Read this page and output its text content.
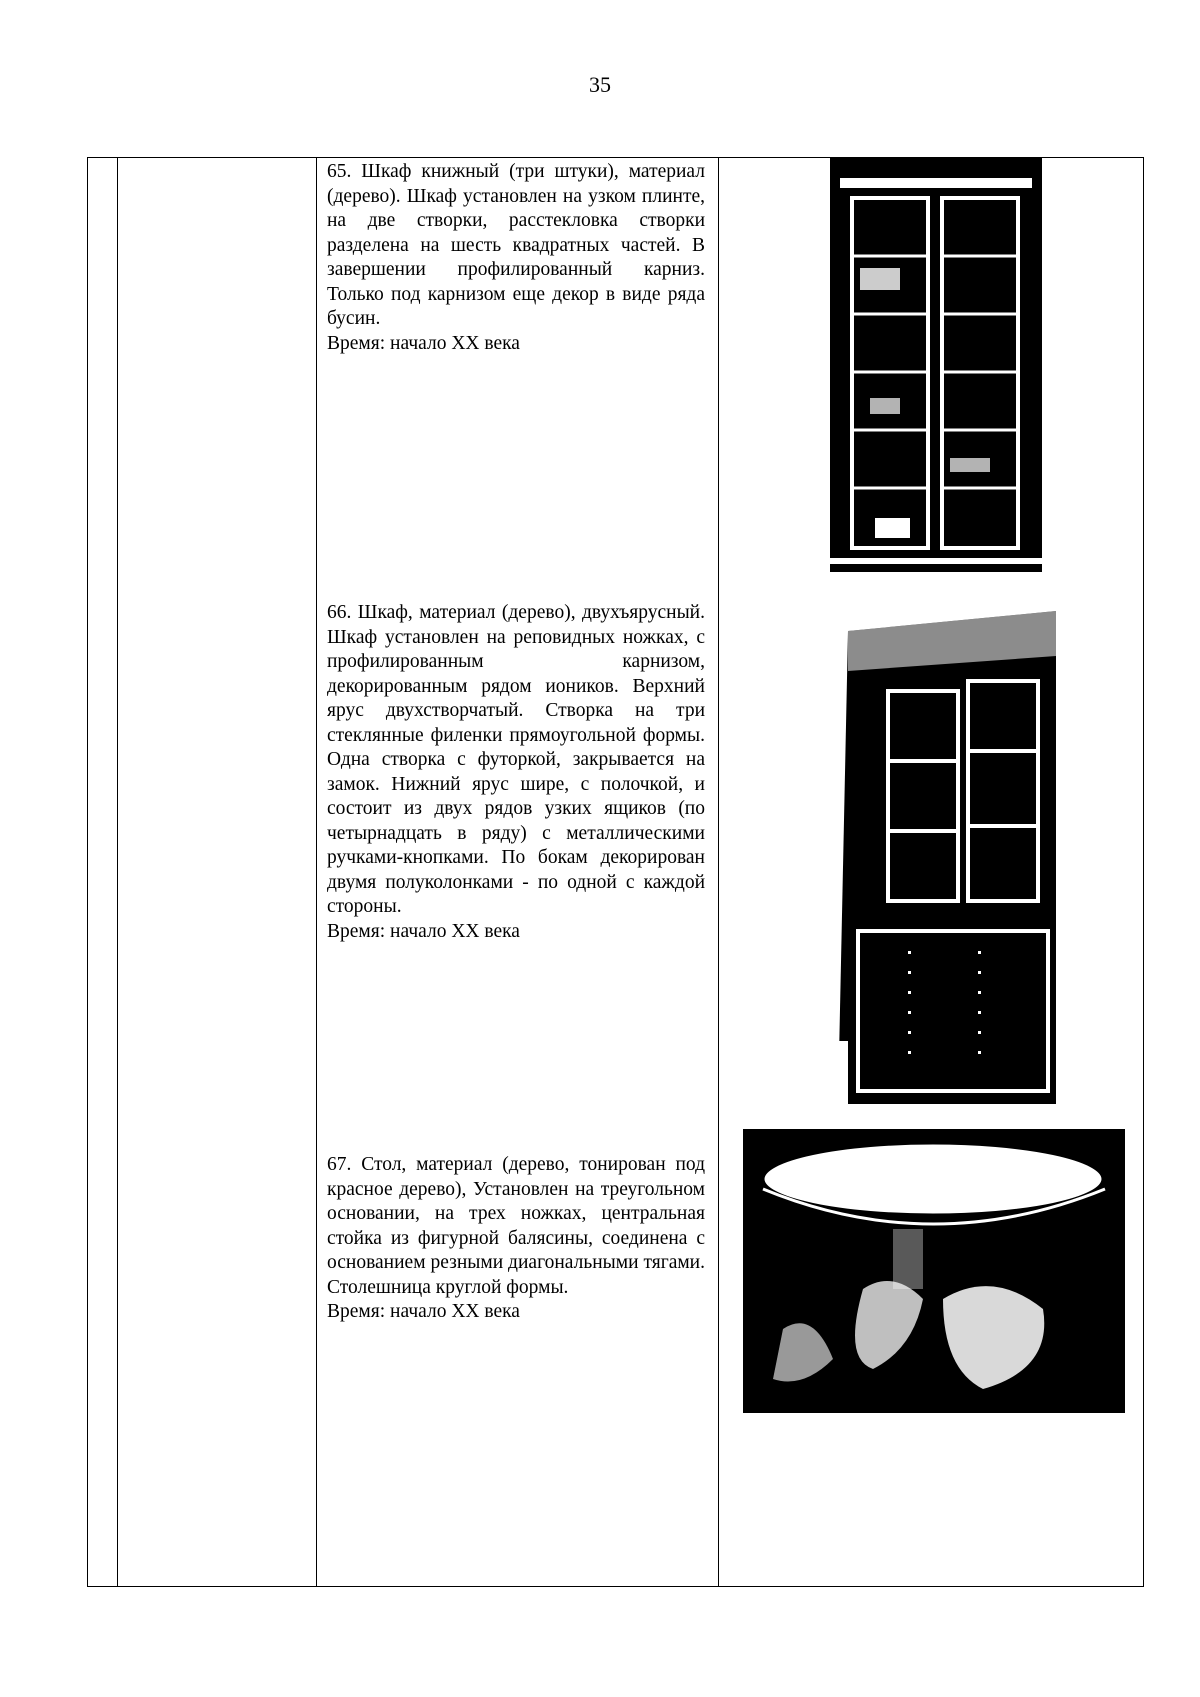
35

65. Шкаф книжный (три штуки), материал (дерево). Шкаф установлен на узком плинте, на две створки, расстекловка створки разделена на шесть квадратных частей. В завершении профилированный карниз. Только под карнизом еще декор в виде ряда бусин.

Время: начало XX века

66. Шкаф, материал (дерево), двухъярусный. Шкаф установлен на реповидных ножках, с профилированным карнизом, декорированным рядом иоников. Верхний ярус двухстворчатый. Створка на три стеклянные филенки прямоугольной формы. Одна створка с футоркой, закрывается на замок. Нижний ярус шире, с полочкой, и состоит из двух рядов узких ящиков (по четырнадцать в ряду) с металлическими ручками-кнопками. По бокам декорирован двумя полуколонками - по одной с каждой стороны.

Время: начало XX века

67. Стол, материал (дерево, тонирован под красное дерево), Установлен на треугольном основании, на трех ножках, центральная стойка из фигурной балясины, соединена с основанием резными диагональными тягами. Столешница круглой формы.

Время: начало XX века
